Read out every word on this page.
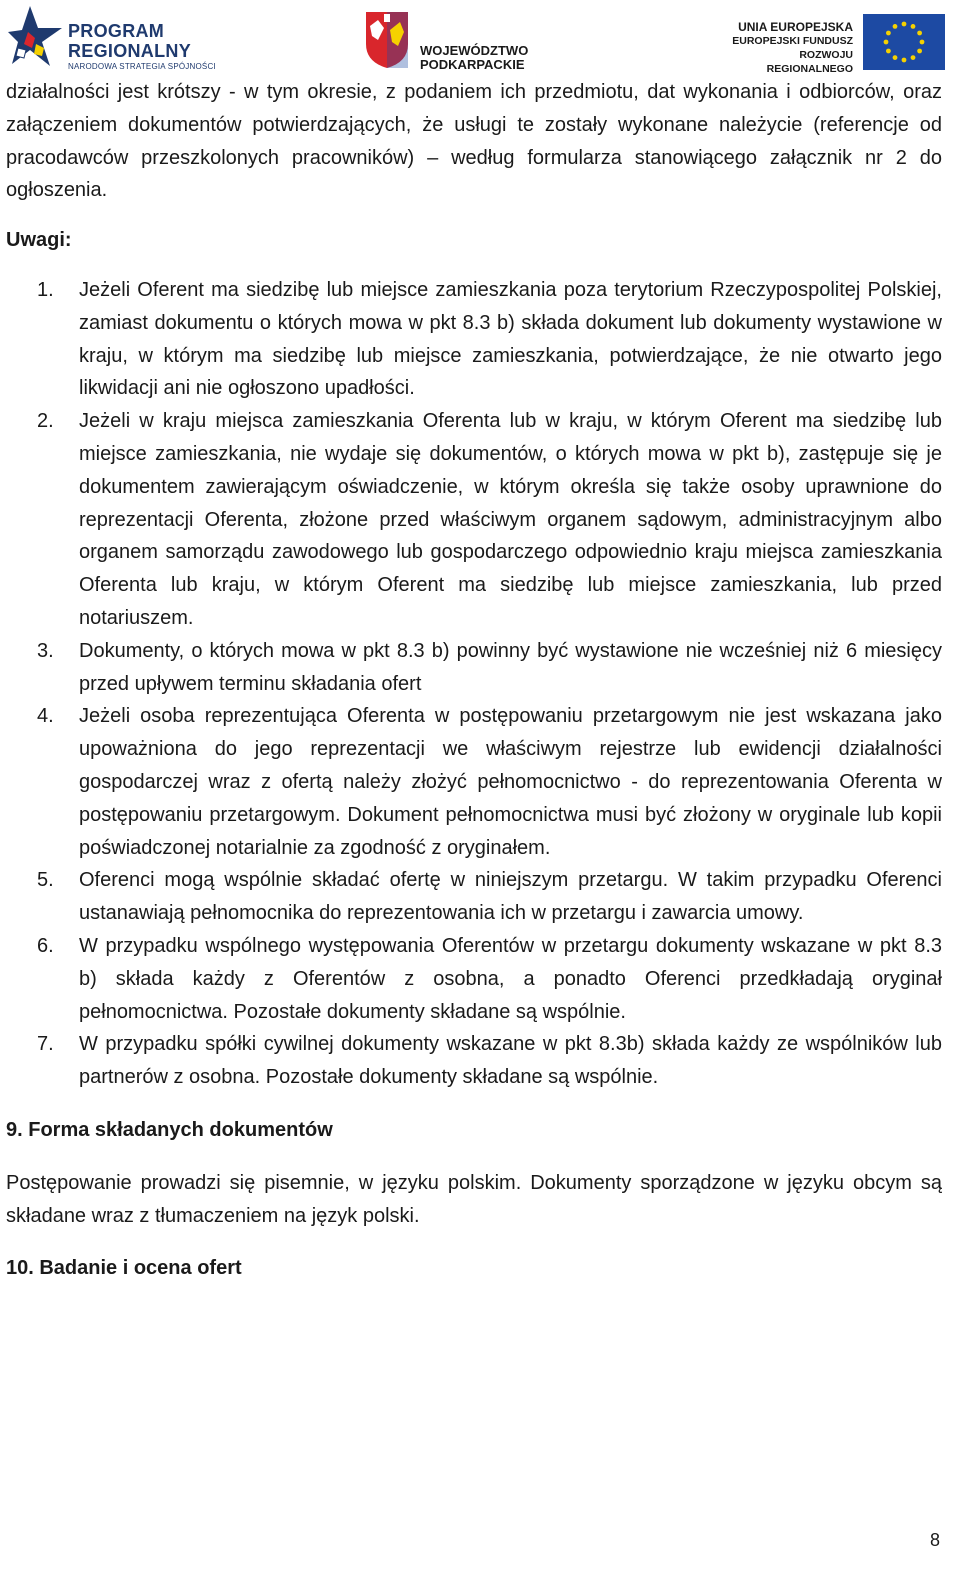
PROGRAM
REGIONALNY
NARODOWA STRATEGIA SPÓJNOŚCI
WOJEWÓDZTWO PODKARPACKIE
UNIA EUROPEJSKA
EUROPEJSKI FUNDUSZ
ROZWOJU REGIONALNEGO

działalności jest krótszy - w tym okresie, z podaniem ich przedmiotu, dat wykonania i odbiorców, oraz załączeniem dokumentów potwierdzających, że usługi te zostały wykonane należycie (referencje od pracodawców przeszkolonych pracowników) – według formularza stanowiącego załącznik nr 2 do ogłoszenia.

Uwagi:

1. Jeżeli Oferent ma siedzibę lub miejsce zamieszkania poza terytorium Rzeczypospolitej Polskiej, zamiast dokumentu o których mowa w pkt 8.3 b) składa dokument lub dokumenty wystawione w kraju, w którym ma siedzibę lub miejsce zamieszkania, potwierdzające, że nie otwarto jego likwidacji ani nie ogłoszono upadłości.
2. Jeżeli w kraju miejsca zamieszkania Oferenta lub w kraju, w którym Oferent ma siedzibę lub miejsce zamieszkania, nie wydaje się dokumentów, o których mowa w pkt b), zastępuje się je dokumentem zawierającym oświadczenie, w którym określa się także osoby uprawnione do reprezentacji Oferenta, złożone przed właściwym organem sądowym, administracyjnym albo organem samorządu zawodowego lub gospodarczego odpowiednio kraju miejsca zamieszkania Oferenta lub kraju, w którym Oferent ma siedzibę lub miejsce zamieszkania, lub przed notariuszem.
3. Dokumenty, o których mowa w pkt 8.3 b) powinny być wystawione nie wcześniej niż 6 miesięcy przed upływem terminu składania ofert
4. Jeżeli osoba reprezentująca Oferenta w postępowaniu przetargowym nie jest wskazana jako upoważniona do jego reprezentacji we właściwym rejestrze lub ewidencji działalności gospodarczej wraz z ofertą należy złożyć pełnomocnictwo - do reprezentowania Oferenta w postępowaniu przetargowym. Dokument pełnomocnictwa musi być złożony w oryginale lub kopii poświadczonej notarialnie za zgodność z oryginałem.
5. Oferenci mogą wspólnie składać ofertę w niniejszym przetargu. W takim przypadku Oferenci ustanawiają pełnomocnika do reprezentowania ich w przetargu i zawarcia umowy.
6. W przypadku wspólnego występowania Oferentów w przetargu dokumenty wskazane w pkt 8.3 b) składa każdy z Oferentów z osobna, a ponadto Oferenci przedkładają oryginał pełnomocnictwa. Pozostałe dokumenty składane są wspólnie.
7. W przypadku spółki cywilnej dokumenty wskazane w pkt 8.3b) składa każdy ze wspólników lub partnerów z osobna. Pozostałe dokumenty składane są wspólnie.

9. Forma składanych dokumentów

Postępowanie prowadzi się pisemnie, w języku polskim. Dokumenty sporządzone w języku obcym są składane wraz z tłumaczeniem na język polski.

10. Badanie i ocena ofert

8
